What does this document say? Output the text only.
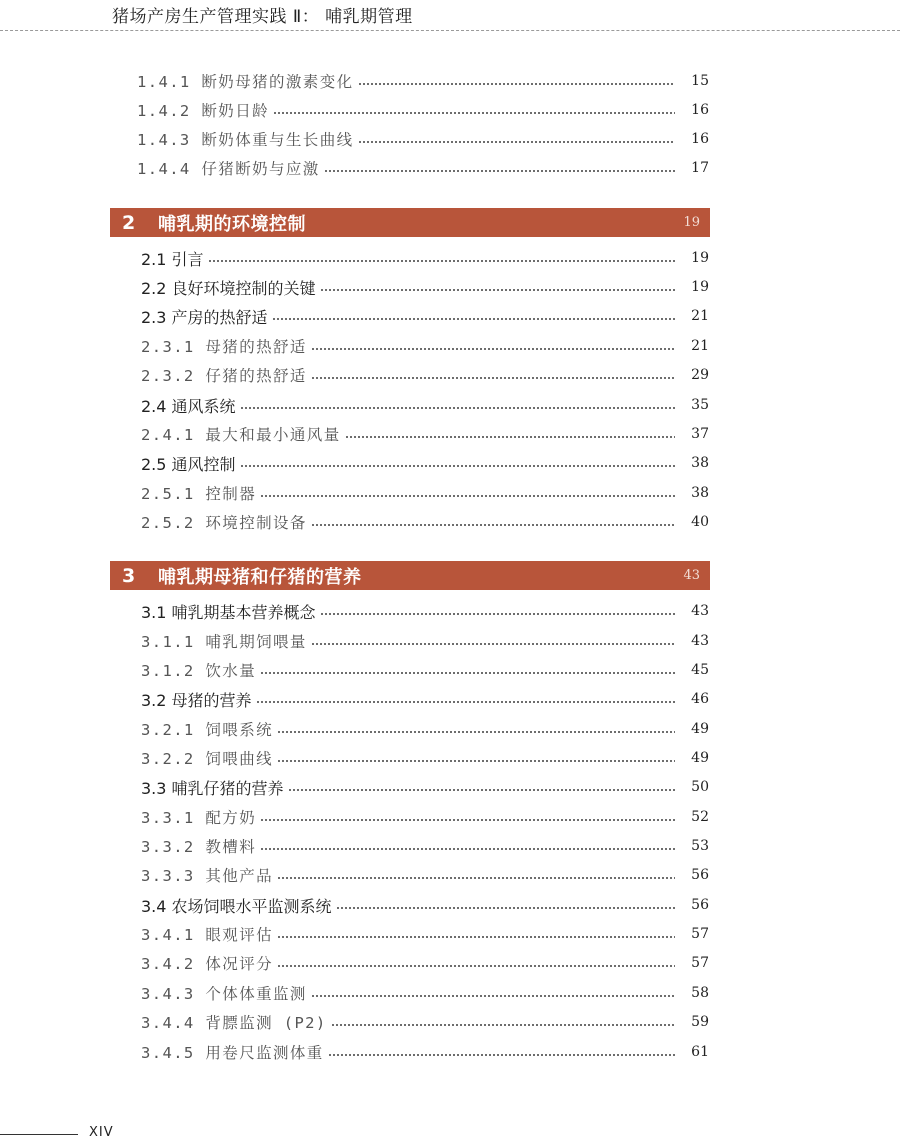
猪场产房生产管理实践 Ⅱ： 哺乳期管理
1.4.1 断奶母猪的激素变化	15
1.4.2 断奶日龄	16
1.4.3 断奶体重与生长曲线	16
1.4.4 仔猪断奶与应激	17
2	哺乳期的环境控制	19
2.1 引言	19
2.2 良好环境控制的关键	19
2.3 产房的热舒适	21
2.3.1 母猪的热舒适	21
2.3.2 仔猪的热舒适	29
2.4 通风系统	35
2.4.1 最大和最小通风量	37
2.5 通风控制	38
2.5.1 控制器	38
2.5.2 环境控制设备	40
3	哺乳期母猪和仔猪的营养	43
3.1 哺乳期基本营养概念	43
3.1.1 哺乳期饲喂量	43
3.1.2 饮水量	45
3.2 母猪的营养	46
3.2.1 饲喂系统	49
3.2.2 饲喂曲线	49
3.3 哺乳仔猪的营养	50
3.3.1 配方奶	52
3.3.2 教槽料	53
3.3.3 其他产品	56
3.4 农场饲喂水平监测系统	56
3.4.1 眼观评估	57
3.4.2 体况评分	57
3.4.3 个体体重监测	58
3.4.4 背膘监测 (P2)	59
3.4.5 用卷尺监测体重	61
XIV
